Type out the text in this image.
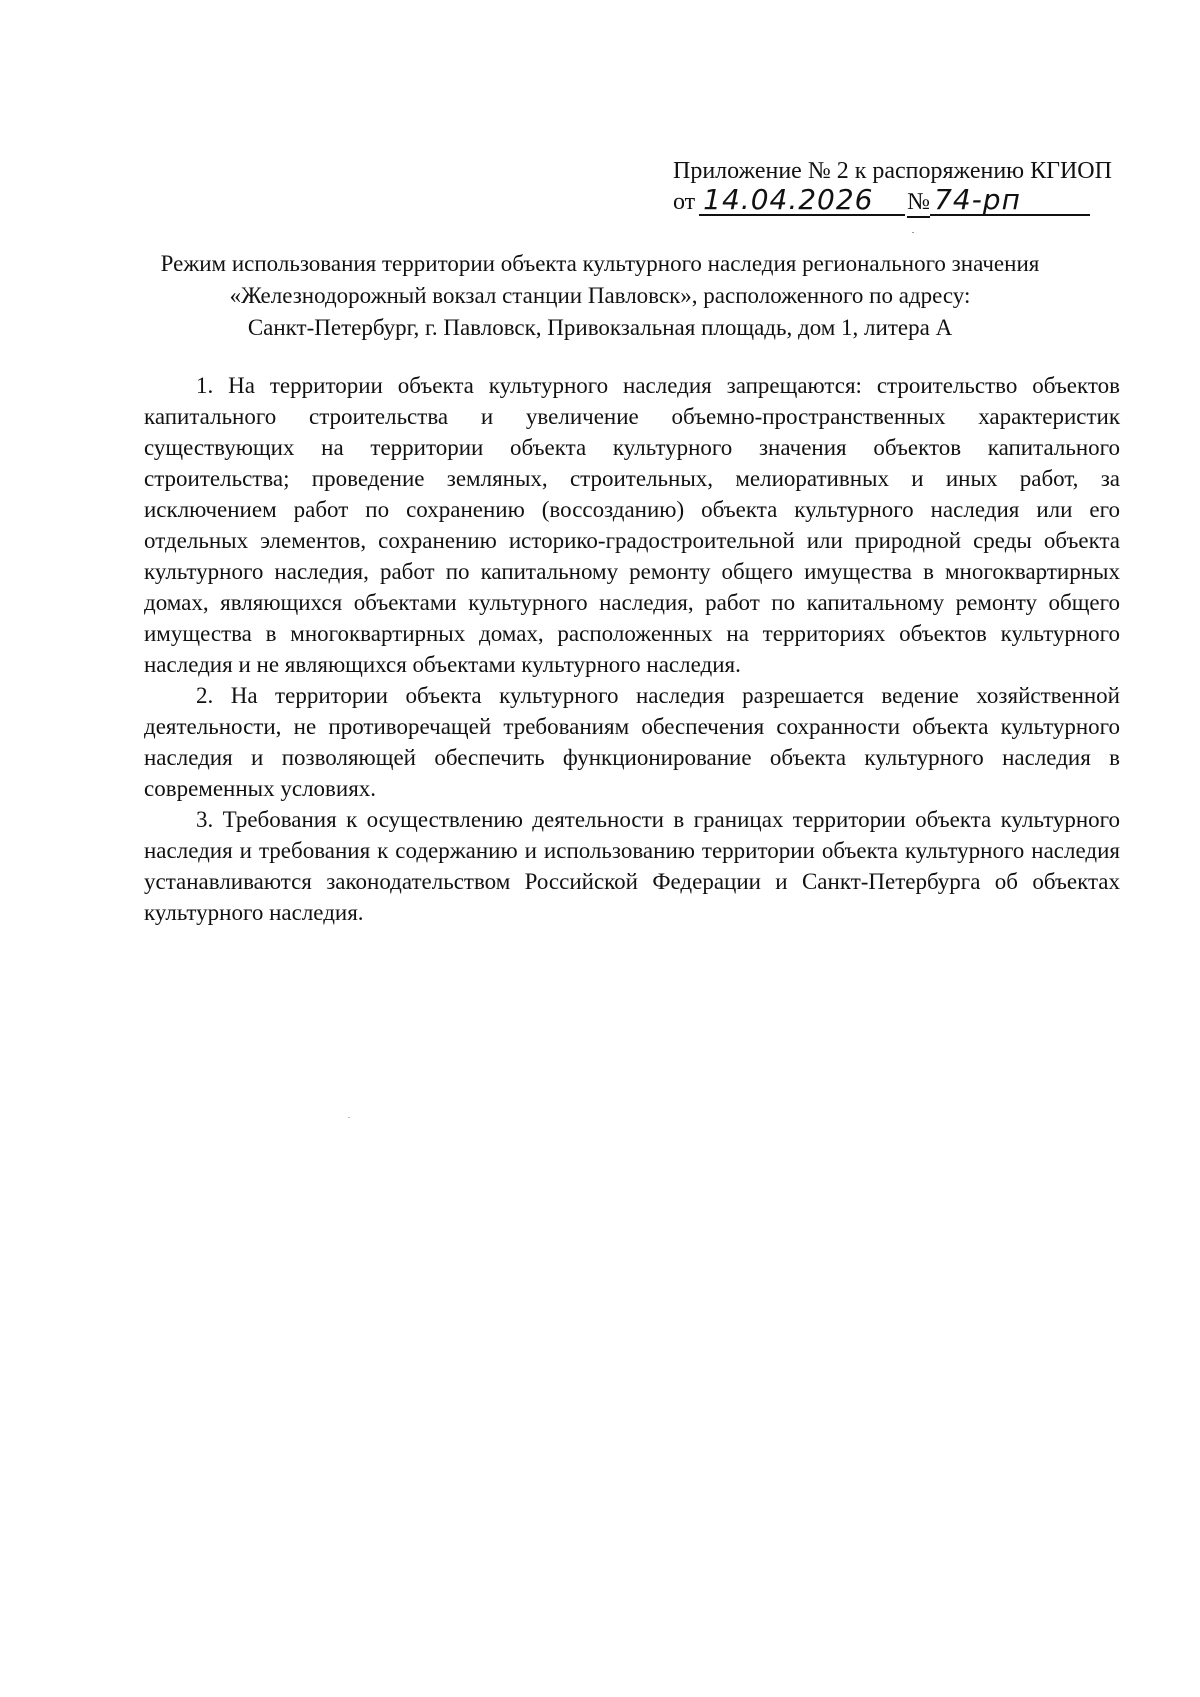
Приложение № 2 к распоряжению КГИОП
от 14.04.2026	№ 74-рп
Режим использования территории объекта культурного наследия регионального значения
«Железнодорожный вокзал станции Павловск», расположенного по адресу:
Санкт-Петербург, г. Павловск, Привокзальная площадь, дом 1, литера А

1. На территории объекта культурного наследия запрещаются: строительство объектов капитального строительства и увеличение объемно-пространственных характеристик существующих на территории объекта культурного значения объектов капитального строительства; проведение земляных, строительных, мелиоративных и иных работ, за исключением работ по сохранению (воссозданию) объекта культурного наследия или его отдельных элементов, сохранению историко-градостроительной или природной среды объекта культурного наследия, работ по капитальному ремонту общего имущества в многоквартирных домах, являющихся объектами культурного наследия, работ по капитальному ремонту общего имущества в многоквартирных домах, расположенных на территориях объектов культурного наследия и не являющихся объектами культурного наследия.

2. На территории объекта культурного наследия разрешается ведение хозяйственной деятельности, не противоречащей требованиям обеспечения сохранности объекта культурного наследия и позволяющей обеспечить функционирование объекта культурного наследия в современных условиях.

3. Требования к осуществлению деятельности в границах территории объекта культурного наследия и требования к содержанию и использованию территории объекта культурного наследия устанавливаются законодательством Российской Федерации и Санкт-Петербурга об объектах культурного наследия.
